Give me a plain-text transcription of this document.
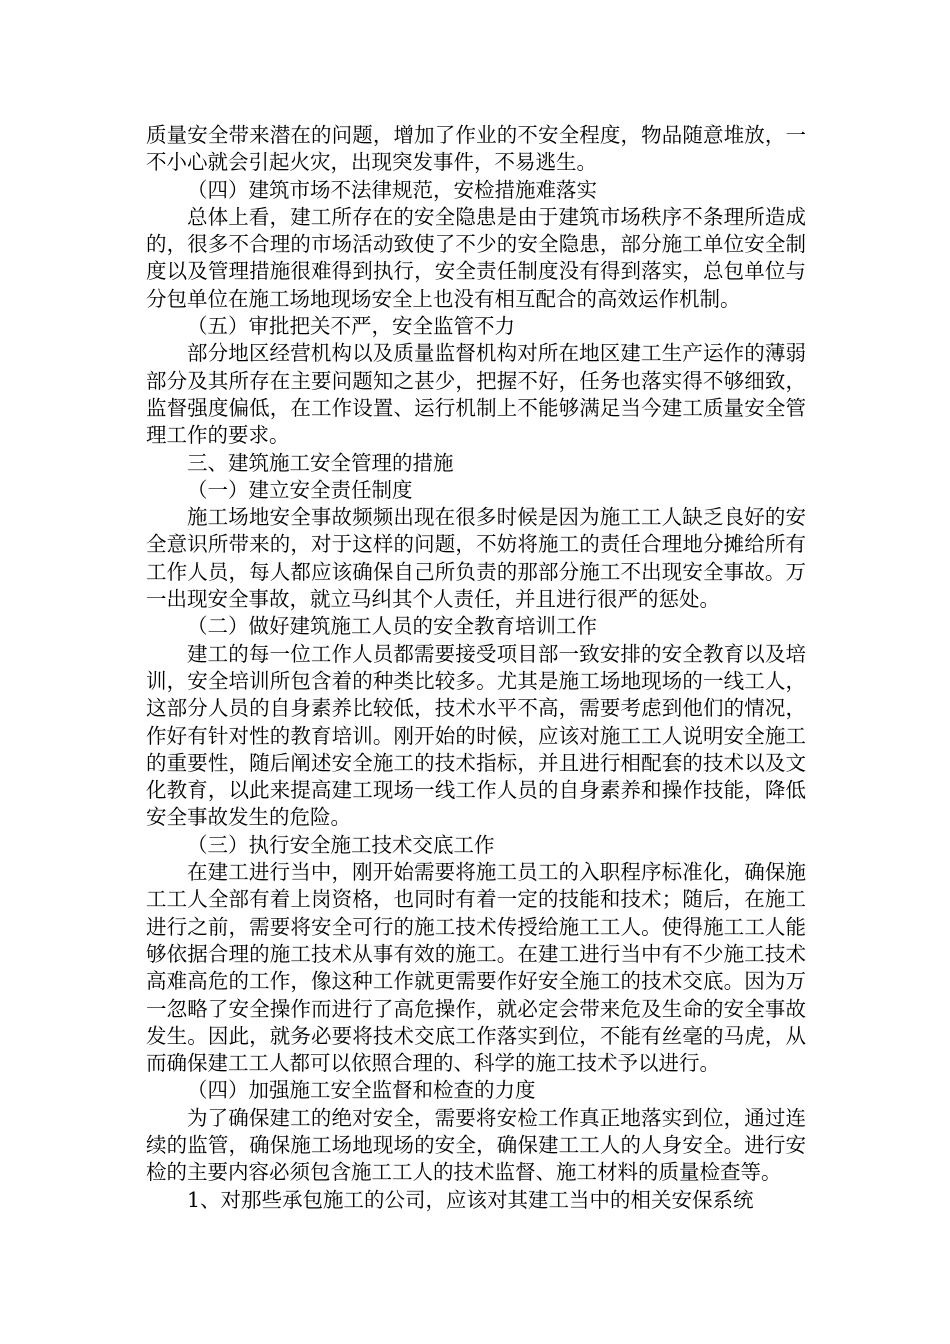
质量安全带来潜在的问题，增加了作业的不安全程度，物品随意堆放，一不小心就会引起火灾，出现突发事件，不易逃生。

（四）建筑市场不法律规范，安检措施难落实

总体上看，建工所存在的安全隐患是由于建筑市场秩序不条理所造成的，很多不合理的市场活动致使了不少的安全隐患，部分施工单位安全制度以及管理措施很难得到执行，安全责任制度没有得到落实，总包单位与分包单位在施工场地现场安全上也没有相互配合的高效运作机制。

（五）审批把关不严，安全监管不力

部分地区经营机构以及质量监督机构对所在地区建工生产运作的薄弱部分及其所存在主要问题知之甚少，把握不好，任务也落实得不够细致，监督强度偏低，在工作设置、运行机制上不能够满足当今建工质量安全管理工作的要求。

三、建筑施工安全管理的措施

（一）建立安全责任制度

施工场地安全事故频频出现在很多时候是因为施工工人缺乏良好的安全意识所带来的，对于这样的问题，不妨将施工的责任合理地分摊给所有工作人员，每人都应该确保自己所负责的那部分施工不出现安全事故。万一出现安全事故，就立马纠其个人责任，并且进行很严的惩处。

（二）做好建筑施工人员的安全教育培训工作

建工的每一位工作人员都需要接受项目部一致安排的安全教育以及培训，安全培训所包含着的种类比较多。尤其是施工场地现场的一线工人，这部分人员的自身素养比较低，技术水平不高，需要考虑到他们的情况，作好有针对性的教育培训。刚开始的时候，应该对施工工人说明安全施工的重要性，随后阐述安全施工的技术指标，并且进行相配套的技术以及文化教育，以此来提高建工现场一线工作人员的自身素养和操作技能，降低安全事故发生的危险。

（三）执行安全施工技术交底工作

在建工进行当中，刚开始需要将施工员工的入职程序标准化，确保施工工人全部有着上岗资格，也同时有着一定的技能和技术；随后，在施工进行之前，需要将安全可行的施工技术传授给施工工人。使得施工工人能够依据合理的施工技术从事有效的施工。在建工进行当中有不少施工技术高难高危的工作，像这种工作就更需要作好安全施工的技术交底。因为万一忽略了安全操作而进行了高危操作，就必定会带来危及生命的安全事故发生。因此，就务必要将技术交底工作落实到位，不能有丝毫的马虎，从而确保建工工人都可以依照合理的、科学的施工技术予以进行。

（四）加强施工安全监督和检查的力度

为了确保建工的绝对安全，需要将安检工作真正地落实到位，通过连续的监管，确保施工场地现场的安全，确保建工工人的人身安全。进行安检的主要内容必须包含施工工人的技术监督、施工材料的质量检查等。

1、对那些承包施工的公司，应该对其建工当中的相关安保系统
